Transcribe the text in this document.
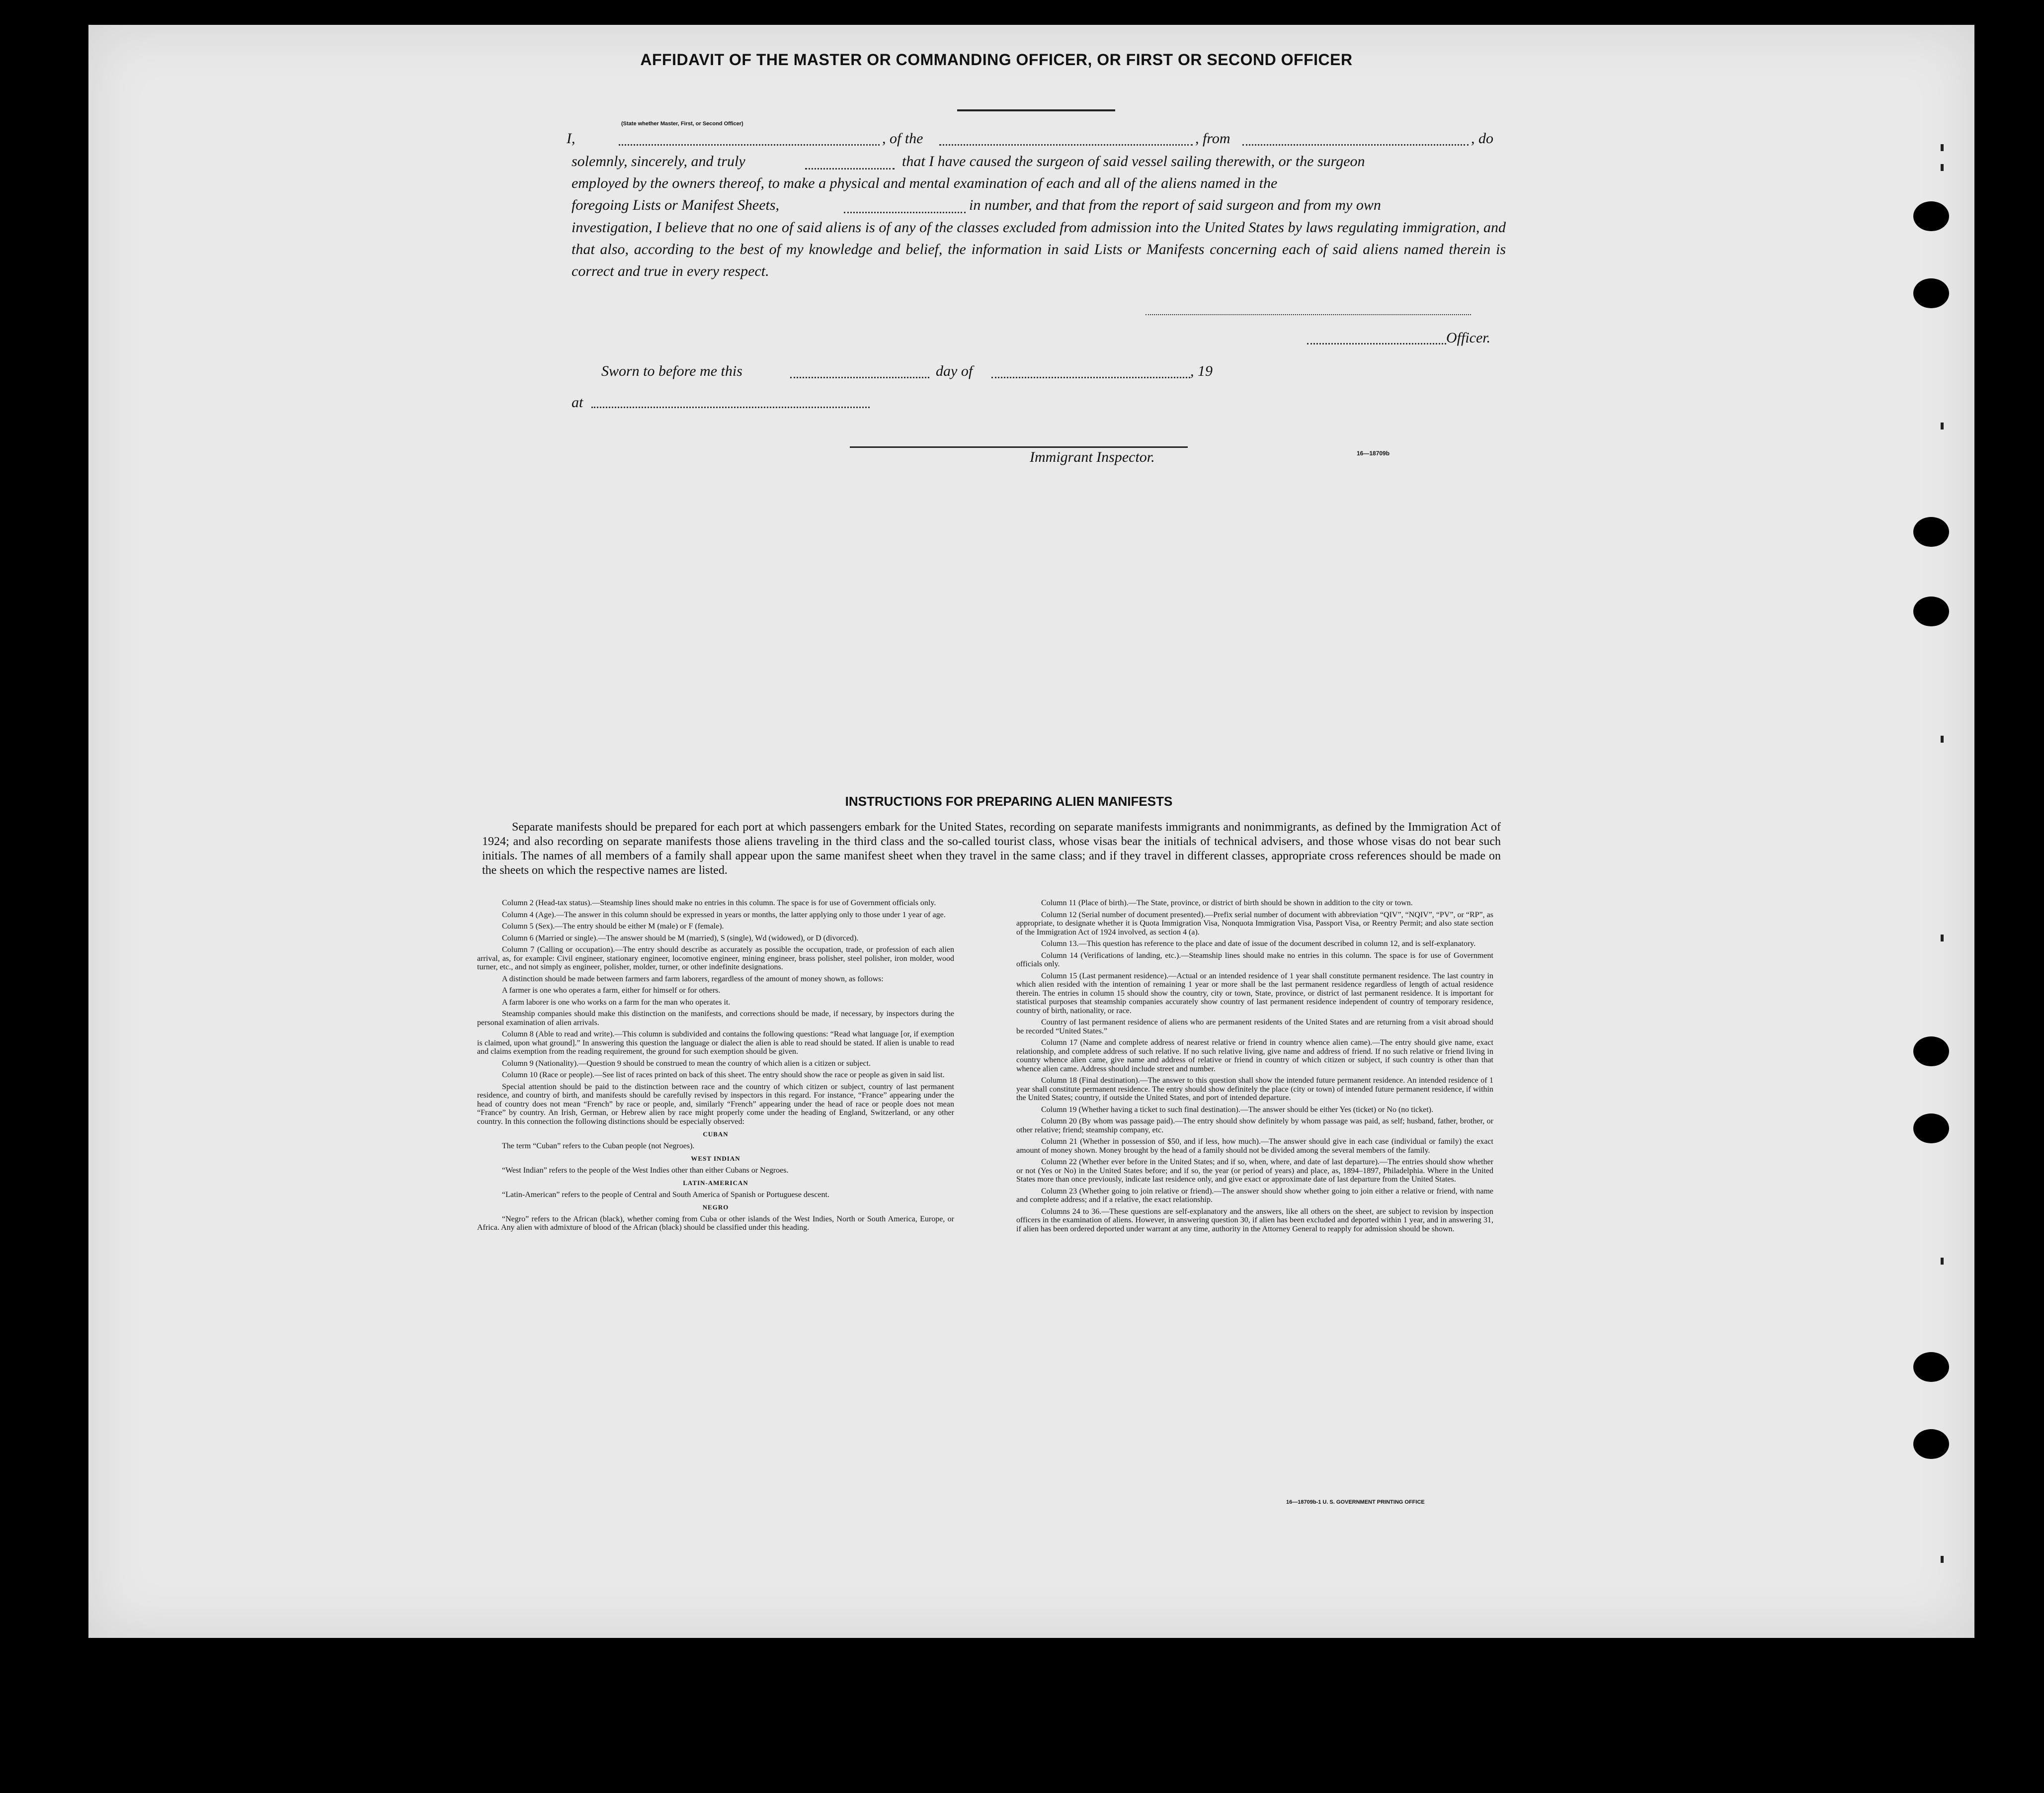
AFFIDAVIT OF THE MASTER OR COMMANDING OFFICER, OR FIRST OR SECOND OFFICER
I,	, of the	, from	, do
(State whether Master, First, or Second Officer)
solemnly, sincerely, and truly	that I have caused the surgeon of said vessel sailing therewith, or the surgeon
employed by the owners thereof, to make a physical and mental examination of each and all of the aliens named in the
foregoing Lists or Manifest Sheets,	in number, and that from the report of said surgeon and from my own

investigation, I believe that no one of said aliens is of any of the classes excluded from admission into the United States by laws regulating immigration, and that also, according to the best of my knowledge and belief, the information in said Lists or Manifests concerning each of said aliens named therein is correct and true in every respect.

Officer.
Sworn to before me this	day of	, 19
at
Immigrant Inspector.	16—18709b
INSTRUCTIONS FOR PREPARING ALIEN MANIFESTS

Separate manifests should be prepared for each port at which passengers embark for the United States, recording on separate manifests immigrants and nonimmigrants, as defined by the Immigration Act of 1924; and also recording on separate manifests those aliens traveling in the third class and the so-called tourist class, whose visas bear the initials of technical advisers, and those whose visas do not bear such initials. The names of all members of a family shall appear upon the same manifest sheet when they travel in the same class; and if they travel in different classes, appropriate cross references should be made on the sheets on which the respective names are listed.

Column 2 (Head-tax status).—Steamship lines should make no entries in this column. The space is for use of Government officials only.

Column 4 (Age).—The answer in this column should be expressed in years or months, the latter applying only to those under 1 year of age.

Column 5 (Sex).—The entry should be either M (male) or F (female).

Column 6 (Married or single).—The answer should be M (married), S (single), Wd (widowed), or D (divorced).

Column 7 (Calling or occupation).—The entry should describe as accurately as possible the occupation, trade, or profession of each alien arrival, as, for example: Civil engineer, stationary engineer, locomotive engineer, mining engineer, brass polisher, steel polisher, iron molder, wood turner, etc., and not simply as engineer, polisher, molder, turner, or other indefinite designations.

A distinction should be made between farmers and farm laborers, regardless of the amount of money shown, as follows:

A farmer is one who operates a farm, either for himself or for others.

A farm laborer is one who works on a farm for the man who operates it.

Steamship companies should make this distinction on the manifests, and corrections should be made, if necessary, by inspectors during the personal examination of alien arrivals.

Column 8 (Able to read and write).—This column is subdivided and contains the following questions: “Read what language [or, if exemption is claimed, upon what ground].” In answering this question the language or dialect the alien is able to read should be stated. If alien is unable to read and claims exemption from the reading requirement, the ground for such exemption should be given.

Column 9 (Nationality).—Question 9 should be construed to mean the country of which alien is a citizen or subject.

Column 10 (Race or people).—See list of races printed on back of this sheet. The entry should show the race or people as given in said list.

Special attention should be paid to the distinction between race and the country of which citizen or subject, country of last permanent residence, and country of birth, and manifests should be carefully revised by inspectors in this regard. For instance, “France” appearing under the head of country does not mean “French” by race or people, and, similarly “French” appearing under the head of race or people does not mean “France” by country. An Irish, German, or Hebrew alien by race might properly come under the heading of England, Switzerland, or any other country. In this connection the following distinctions should be especially observed:

CUBAN

The term “Cuban” refers to the Cuban people (not Negroes).

WEST INDIAN

“West Indian” refers to the people of the West Indies other than either Cubans or Negroes.

LATIN-AMERICAN

“Latin-American” refers to the people of Central and South America of Spanish or Portuguese descent.

NEGRO

“Negro” refers to the African (black), whether coming from Cuba or other islands of the West Indies, North or South America, Europe, or Africa. Any alien with admixture of blood of the African (black) should be classified under this heading.

Column 11 (Place of birth).—The State, province, or district of birth should be shown in addition to the city or town.

Column 12 (Serial number of document presented).—Prefix serial number of document with abbreviation “QIV”, “NQIV”, “PV”, or “RP”, as appropriate, to designate whether it is Quota Immigration Visa, Nonquota Immigration Visa, Passport Visa, or Reentry Permit; and also state section of the Immigration Act of 1924 involved, as section 4 (a).

Column 13.—This question has reference to the place and date of issue of the document described in column 12, and is self-explanatory.

Column 14 (Verifications of landing, etc.).—Steamship lines should make no entries in this column. The space is for use of Government officials only.

Column 15 (Last permanent residence).—Actual or an intended residence of 1 year shall constitute permanent residence. The last country in which alien resided with the intention of remaining 1 year or more shall be the last permanent residence regardless of length of actual residence therein. The entries in column 15 should show the country, city or town, State, province, or district of last permanent residence. It is important for statistical purposes that steamship companies accurately show country of last permanent residence independent of country of temporary residence, country of birth, nationality, or race.

Country of last permanent residence of aliens who are permanent residents of the United States and are returning from a visit abroad should be recorded “United States.”

Column 17 (Name and complete address of nearest relative or friend in country whence alien came).—The entry should give name, exact relationship, and complete address of such relative. If no such relative living, give name and address of friend. If no such relative or friend living in country whence alien came, give name and address of relative or friend in country of which citizen or subject, if such country is other than that whence alien came. Address should include street and number.

Column 18 (Final destination).—The answer to this question shall show the intended future permanent residence. An intended residence of 1 year shall constitute permanent residence. The entry should show definitely the place (city or town) of intended future permanent residence, if within the United States; country, if outside the United States, and port of intended departure.

Column 19 (Whether having a ticket to such final destination).—The answer should be either Yes (ticket) or No (no ticket).

Column 20 (By whom was passage paid).—The entry should show definitely by whom passage was paid, as self; husband, father, brother, or other relative; friend; steamship company, etc.

Column 21 (Whether in possession of $50, and if less, how much).—The answer should give in each case (individual or family) the exact amount of money shown. Money brought by the head of a family should not be divided among the several members of the family.

Column 22 (Whether ever before in the United States; and if so, when, where, and date of last departure).—The entries should show whether or not (Yes or No) in the United States before; and if so, the year (or period of years) and place, as, 1894–1897, Philadelphia. Where in the United States more than once previously, indicate last residence only, and give exact or approximate date of last departure from the United States.

Column 23 (Whether going to join relative or friend).—The answer should show whether going to join either a relative or friend, with name and complete address; and if a relative, the exact relationship.

Columns 24 to 36.—These questions are self-explanatory and the answers, like all others on the sheet, are subject to revision by inspection officers in the examination of aliens. However, in answering question 30, if alien has been excluded and deported within 1 year, and in answering 31, if alien has been ordered deported under warrant at any time, authority in the Attorney General to reapply for admission should be shown.

16—18709b-1 U. S. GOVERNMENT PRINTING OFFICE
